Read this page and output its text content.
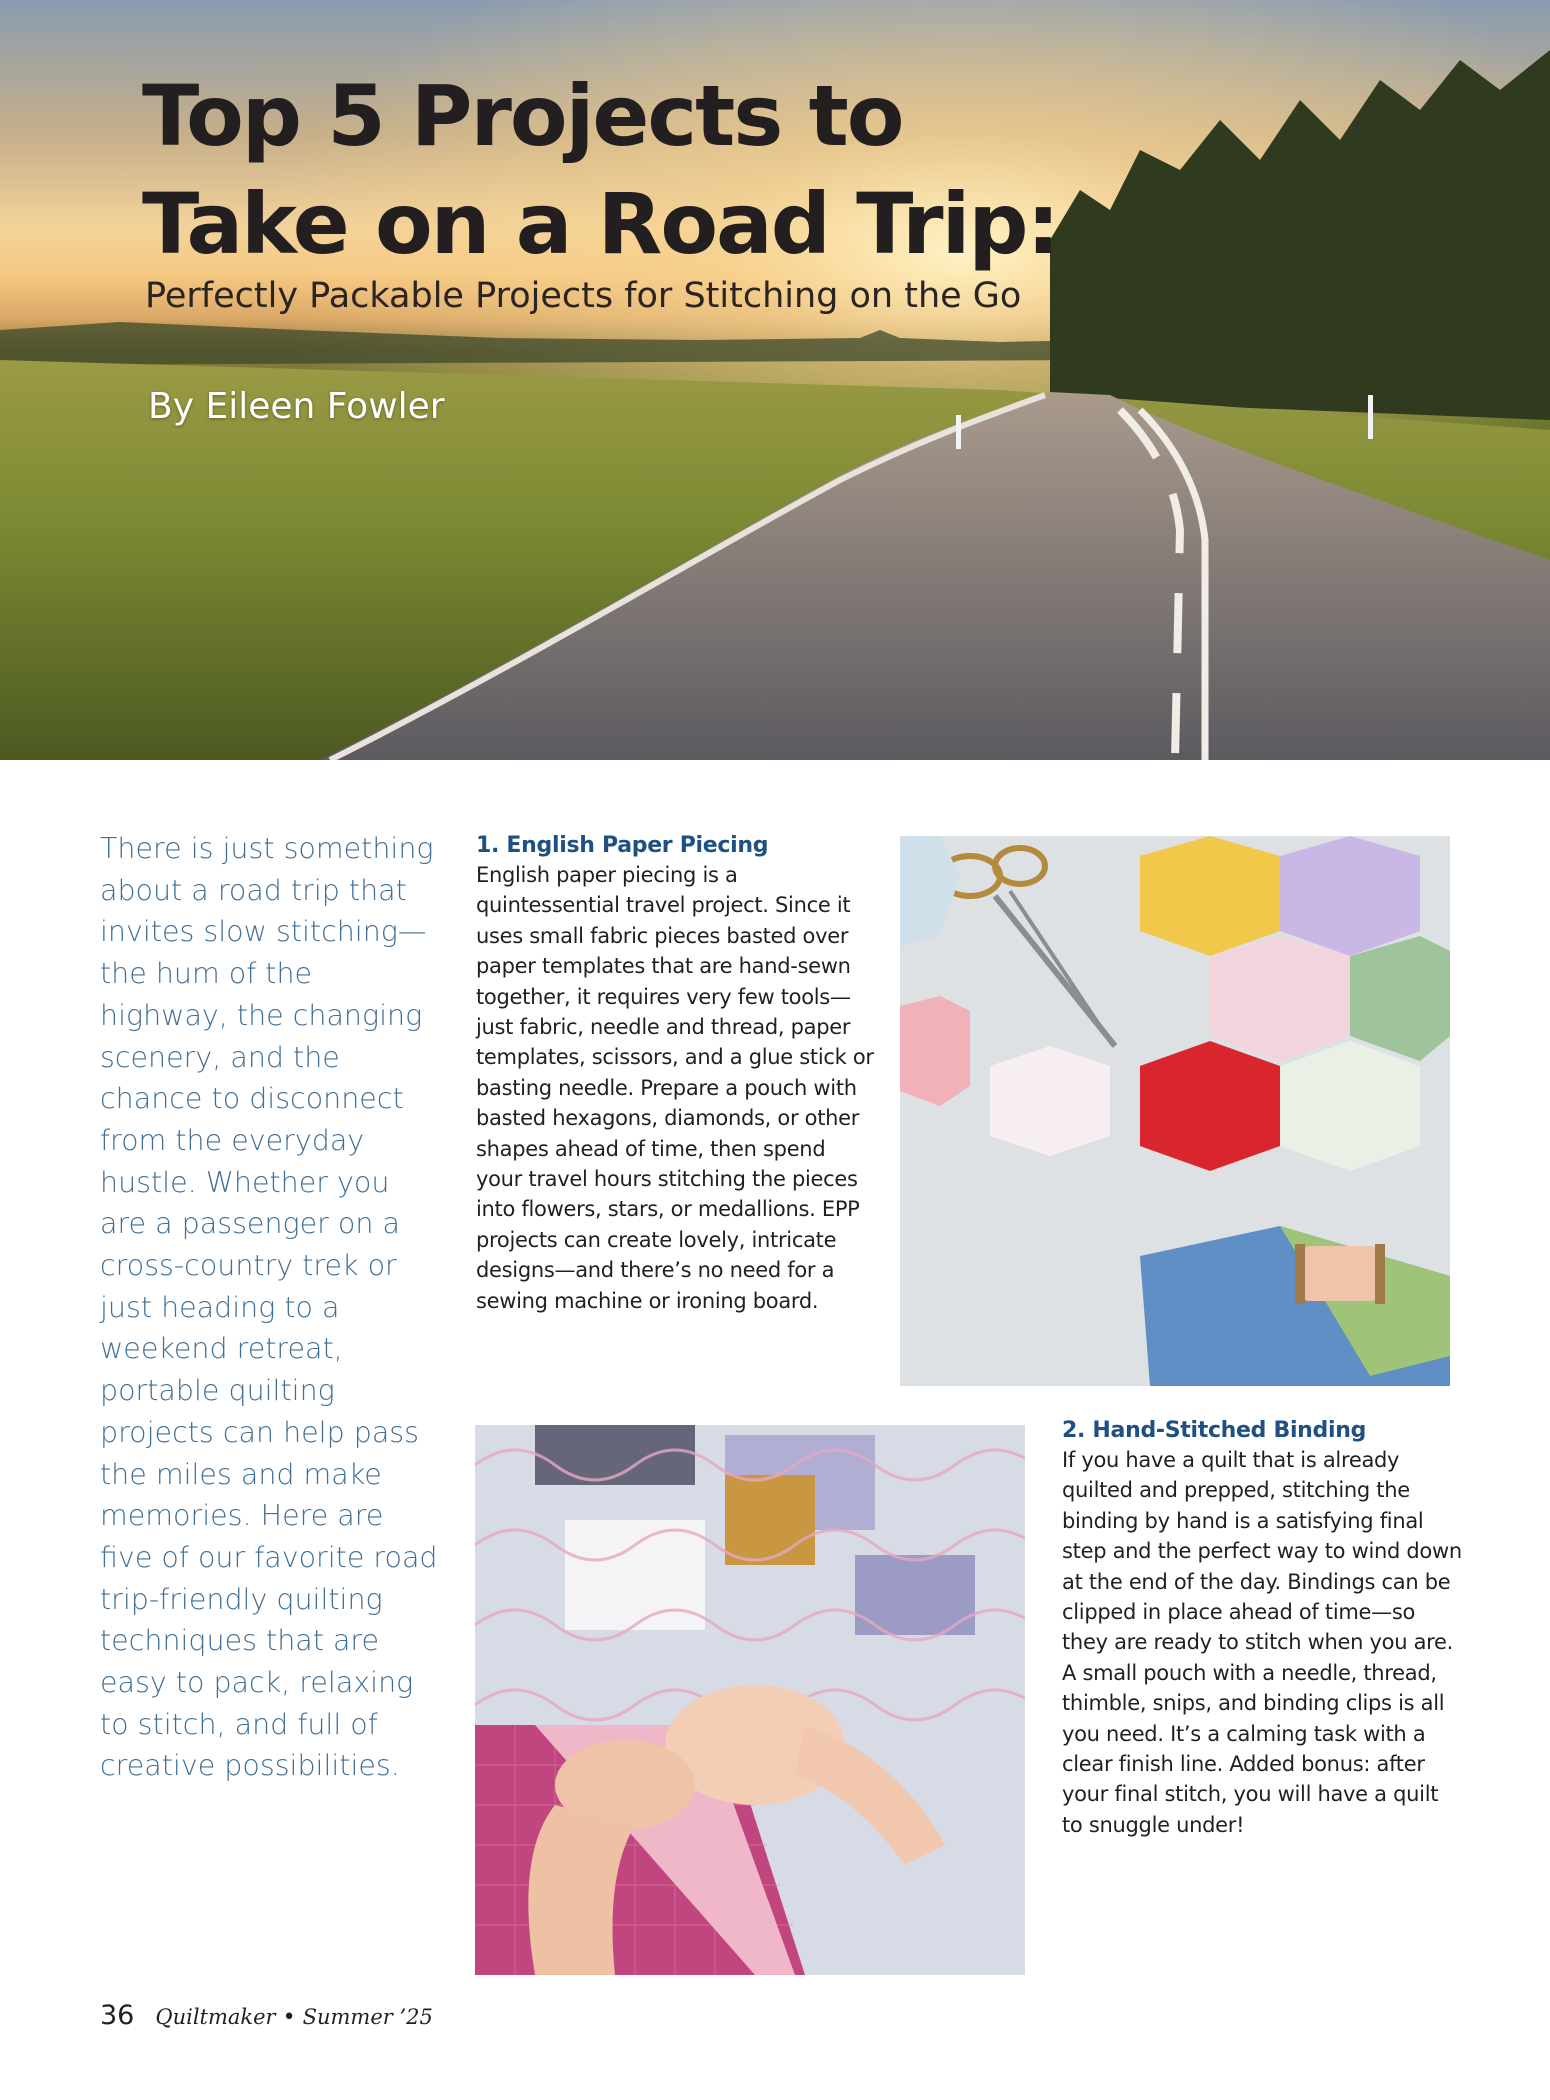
Top 5 Projects to
Take on a Road Trip:

Perfectly Packable Projects for Stitching on the Go

By Eileen Fowler

There is just something about a road trip that invites slow stitching—the hum of the highway, the changing scenery, and the chance to disconnect from the everyday hustle. Whether you are a passenger on a cross-country trek or just heading to a weekend retreat, portable quilting projects can help pass the miles and make memories. Here are five of our favorite road trip-friendly quilting techniques that are easy to pack, relaxing to stitch, and full of creative possibilities.

1. English Paper Piecing

English paper piecing is a quintessential travel project. Since it uses small fabric pieces basted over paper templates that are hand-sewn together, it requires very few tools—just fabric, needle and thread, paper templates, scissors, and a glue stick or basting needle. Prepare a pouch with basted hexagons, diamonds, or other shapes ahead of time, then spend your travel hours stitching the pieces into flowers, stars, or medallions. EPP projects can create lovely, intricate designs—and there’s no need for a sewing machine or ironing board.

2. Hand-Stitched Binding

If you have a quilt that is already quilted and prepped, stitching the binding by hand is a satisfying final step and the perfect way to wind down at the end of the day. Bindings can be clipped in place ahead of time—so they are ready to stitch when you are. A small pouch with a needle, thread, thimble, snips, and binding clips is all you need. It’s a calming task with a clear finish line. Added bonus: after your final stitch, you will have a quilt to snuggle under!

36 Quiltmaker • Summer ’25
